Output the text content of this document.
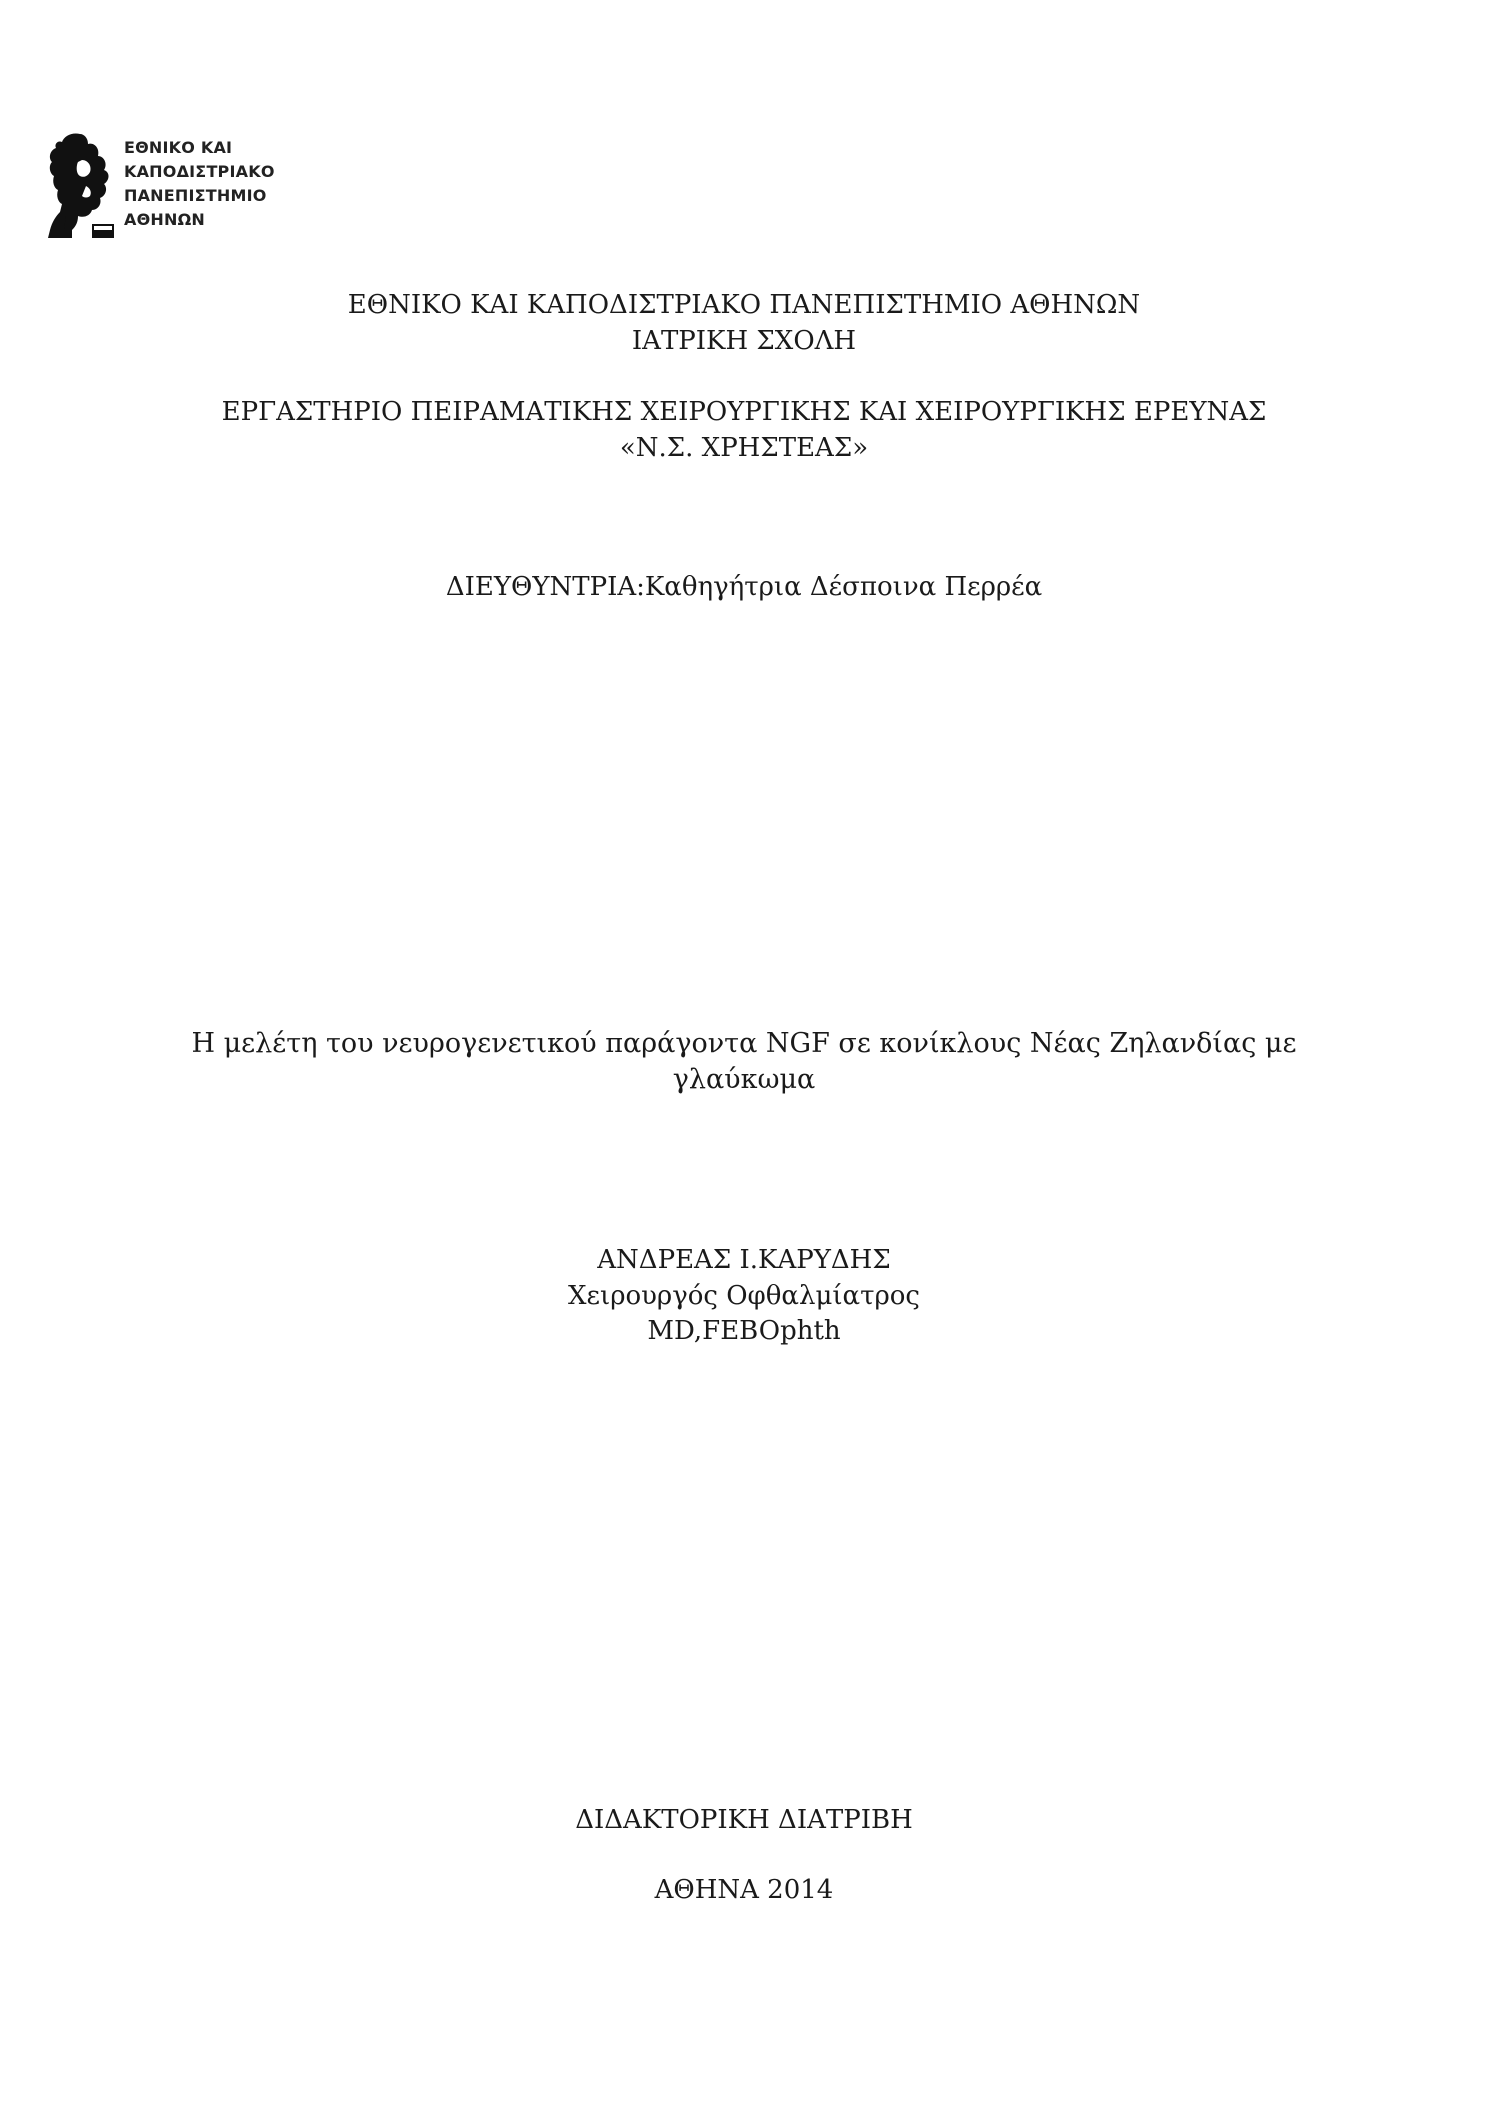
ΕΘΝΙΚΟ ΚΑΙ
ΚΑΠΟΔΙΣΤΡΙΑΚΟ
ΠΑΝΕΠΙΣΤΗΜΙΟ
ΑΘΗΝΩΝ
ΕΘΝΙΚΟ ΚΑΙ ΚΑΠΟΔΙΣΤΡΙΑΚΟ ΠΑΝΕΠΙΣΤΗΜΙΟ ΑΘΗΝΩΝ
ΙΑΤΡΙΚΗ ΣΧΟΛΗ
ΕΡΓΑΣΤΗΡΙΟ ΠΕΙΡΑΜΑΤΙΚΗΣ ΧΕΙΡΟΥΡΓΙΚΗΣ ΚΑΙ ΧΕΙΡΟΥΡΓΙΚΗΣ ΕΡΕΥΝΑΣ
«Ν.Σ. ΧΡΗΣΤΕΑΣ»
ΔΙΕΥΘΥΝΤΡΙΑ:Καθηγήτρια Δέσποινα Περρέα
Η μελέτη του νευρογενετικού παράγοντα NGF σε κονίκλους Νέας Ζηλανδίας με
γλαύκωμα
ΑΝΔΡΕΑΣ Ι.ΚΑΡΥΔΗΣ
Χειρουργός Οφθαλμίατρος
MD,FEBOphth
ΔΙΔΑΚΤΟΡΙΚΗ ΔΙΑΤΡΙΒΗ
ΑΘΗΝΑ 2014
